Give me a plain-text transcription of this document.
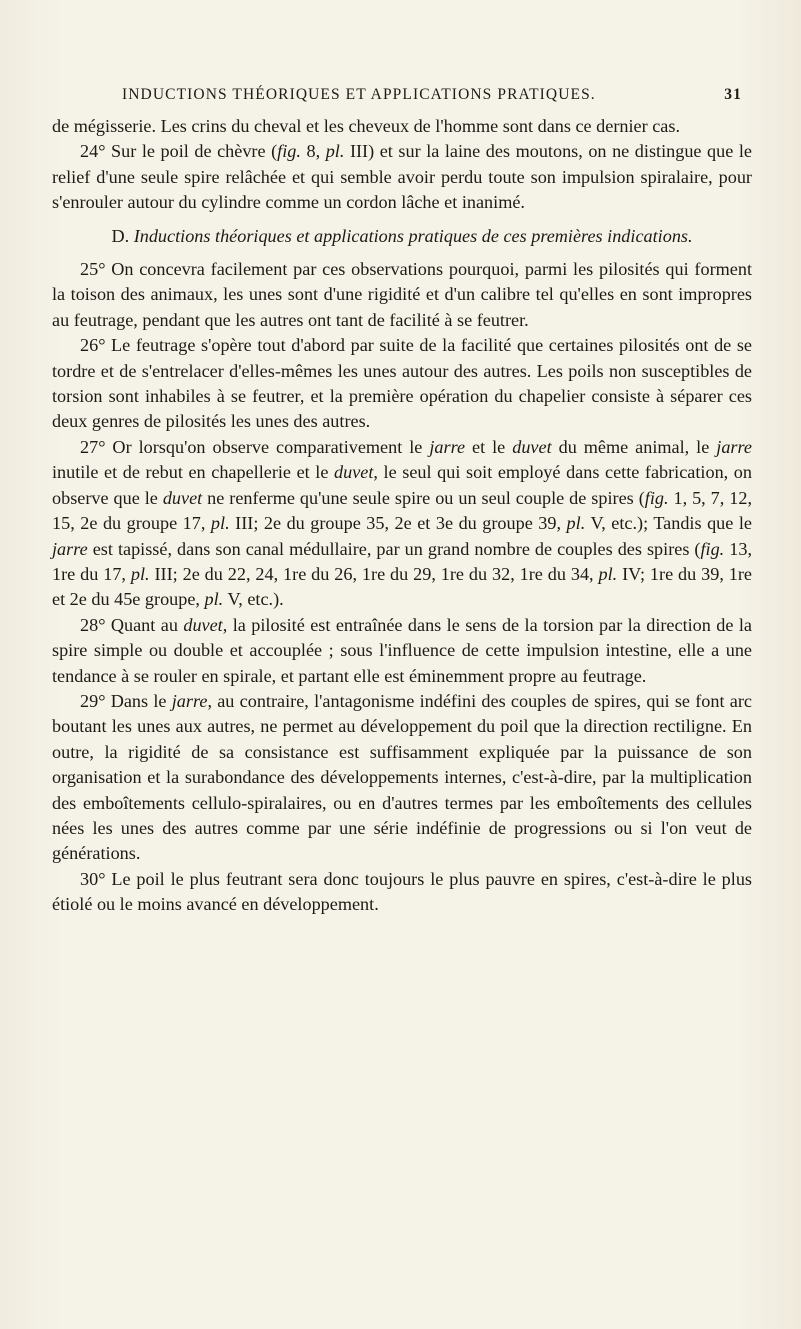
INDUCTIONS THÉORIQUES ET APPLICATIONS PRATIQUES.	31

de mégisserie. Les crins du cheval et les cheveux de l'homme sont dans ce dernier cas.

24° Sur le poil de chèvre (fig. 8, pl. III) et sur la laine des moutons, on ne distingue que le relief d'une seule spire relâchée et qui semble avoir perdu toute son impulsion spiralaire, pour s'enrouler autour du cylindre comme un cordon lâche et inanimé.

D. Inductions théoriques et applications pratiques de ces premières indications.

25° On concevra facilement par ces observations pourquoi, parmi les pilosités qui forment la toison des animaux, les unes sont d'une rigidité et d'un calibre tel qu'elles en sont impropres au feutrage, pendant que les autres ont tant de facilité à se feutrer.

26° Le feutrage s'opère tout d'abord par suite de la facilité que certaines pilosités ont de se tordre et de s'entrelacer d'elles-mêmes les unes autour des autres. Les poils non susceptibles de torsion sont inhabiles à se feutrer, et la première opération du chapelier consiste à séparer ces deux genres de pilosités les unes des autres.

27° Or lorsqu'on observe comparativement le jarre et le duvet du même animal, le jarre inutile et de rebut en chapellerie et le duvet, le seul qui soit employé dans cette fabrication, on observe que le duvet ne renferme qu'une seule spire ou un seul couple de spires (fig. 1, 5, 7, 12, 15, 2e du groupe 17, pl. III; 2e du groupe 35, 2e et 3e du groupe 39, pl. V, etc.); Tandis que le jarre est tapissé, dans son canal médullaire, par un grand nombre de couples des spires (fig. 13, 1re du 17, pl. III; 2e du 22, 24, 1re du 26, 1re du 29, 1re du 32, 1re du 34, pl. IV; 1re du 39, 1re et 2e du 45e groupe, pl. V, etc.).

28° Quant au duvet, la pilosité est entraînée dans le sens de la torsion par la direction de la spire simple ou double et accouplée ; sous l'influence de cette impulsion intestine, elle a une tendance à se rouler en spirale, et partant elle est éminemment propre au feutrage.

29° Dans le jarre, au contraire, l'antagonisme indéfini des couples de spires, qui se font arc boutant les unes aux autres, ne permet au développement du poil que la direction rectiligne. En outre, la rigidité de sa consistance est suffisamment expliquée par la puissance de son organisation et la surabondance des développements internes, c'est-à-dire, par la multiplication des emboîtements cellulo-spiralaires, ou en d'autres termes par les emboîtements des cellules nées les unes des autres comme par une série indéfinie de progressions ou si l'on veut de générations.

30° Le poil le plus feutrant sera donc toujours le plus pauvre en spires, c'est-à-dire le plus étiolé ou le moins avancé en développement.
